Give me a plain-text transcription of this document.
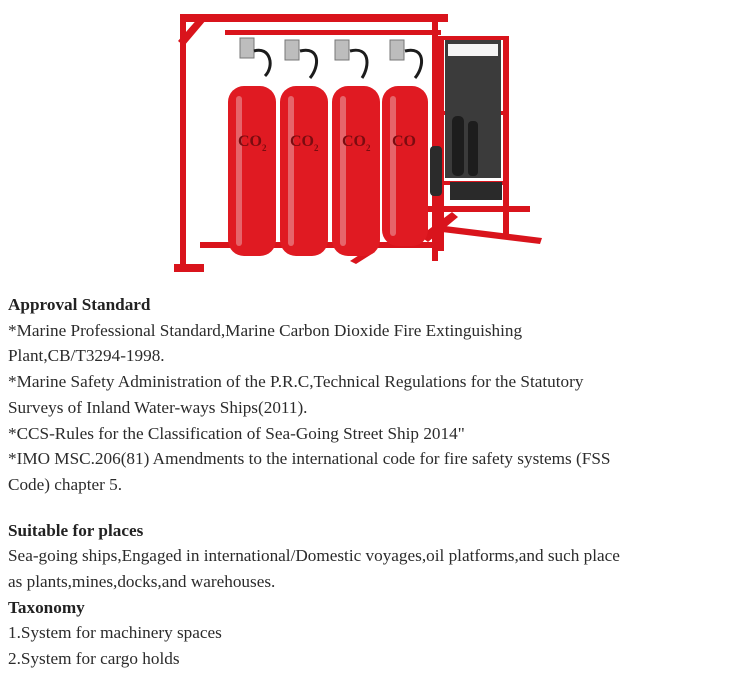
CO 2 CO 2 CO 2 CO

Approval Standard

*Marine Professional Standard,Marine Carbon Dioxide Fire Extinguishing

Plant,CB/T3294-1998.

*Marine Safety Administration of the P.R.C,Technical Regulations for the Statutory

Surveys of Inland Water-ways Ships(2011).

*CCS-Rules for the Classification of Sea-Going Street Ship 2014"

*IMO MSC.206(81) Amendments to the international code for fire safety systems (FSS

Code) chapter 5.

Suitable for places

Sea-going ships,Engaged in international/Domestic voyages,oil platforms,and such place

as plants,mines,docks,and warehouses.

Taxonomy

1.System for machinery spaces

2.System for cargo holds
